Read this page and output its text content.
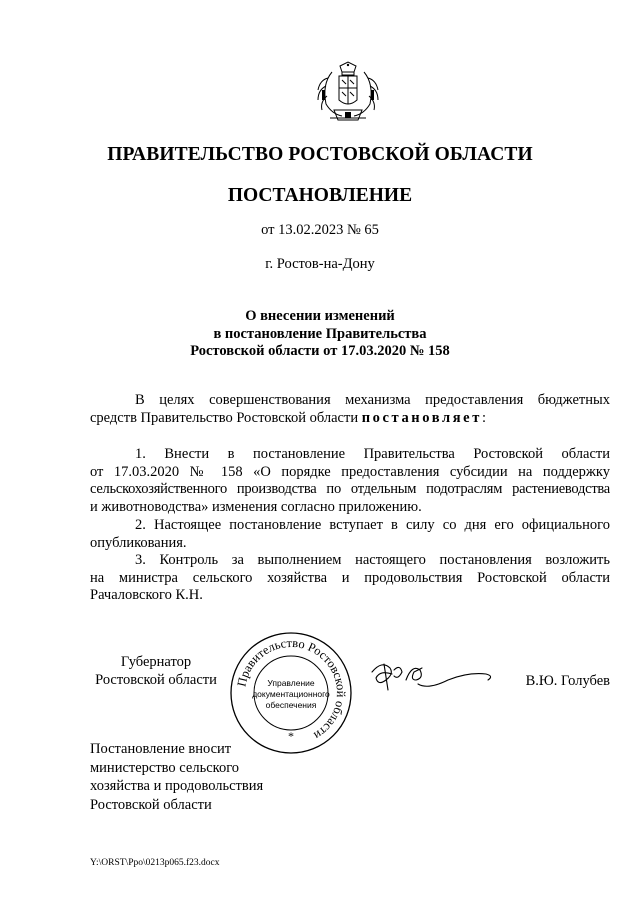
ПРАВИТЕЛЬСТВО РОСТОВСКОЙ ОБЛАСТИ
ПОСТАНОВЛЕНИЕ
от 13.02.2023 № 65
г. Ростов-на-Дону
О внесении изменений
в постановление Правительства
Ростовской области от 17.03.2020 № 158
В целях совершенствования механизма предоставления бюджетных
средств Правительство Ростовской области постановляет:
1. Внести в постановление Правительства Ростовской области
от 17.03.2020 № 158 «О порядке предоставления субсидии на поддержку
сельскохозяйственного производства по отдельным подотраслям растениеводства
и животноводства» изменения согласно приложению.
2. Настоящее постановление вступает в силу со дня его официального
опубликования.
3. Контроль за выполнением настоящего постановления возложить
на министра сельского хозяйства и продовольствия Ростовской области
Рачаловского К.Н.
Губернатор
Ростовской области	Правительство Ростовской области
Управление
документационного
обеспечения
*
В.Ю. Голубев
Постановление вносит
министерство сельского
хозяйства и продовольствия
Ростовской области
Y:\ORST\Ppo\0213p065.f23.docx
